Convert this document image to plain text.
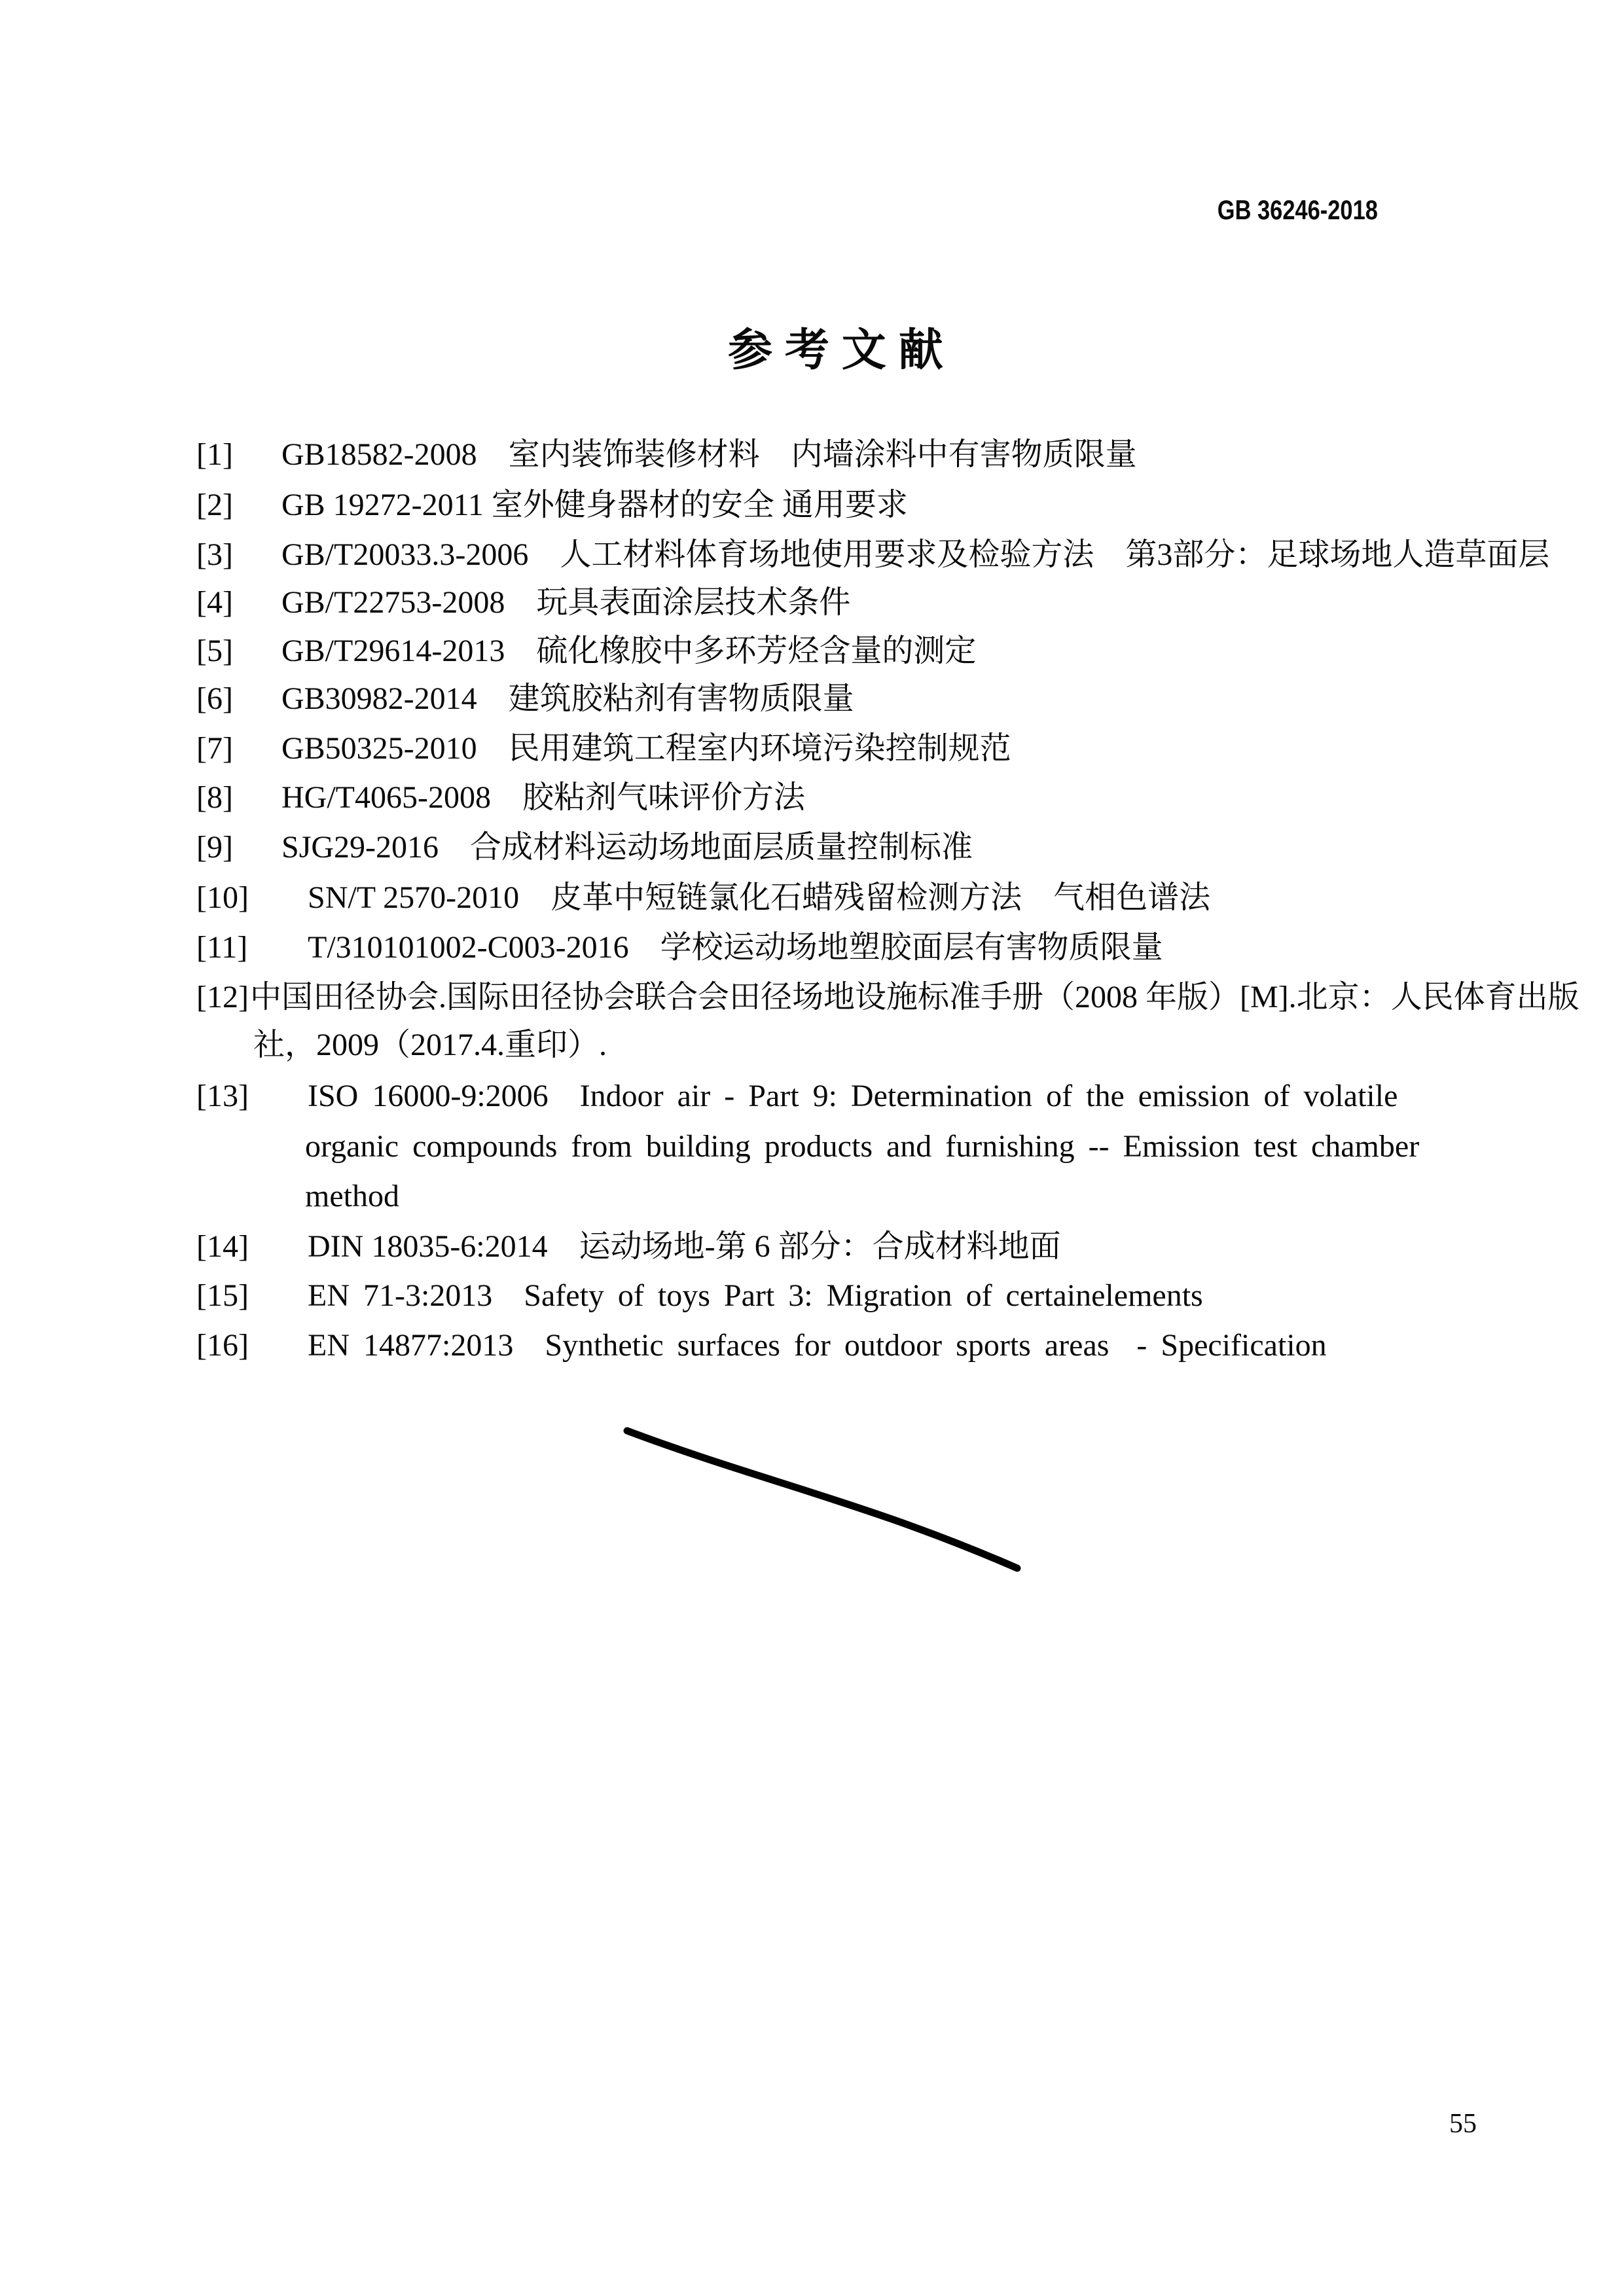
GB 36246-2018
参 考 文 献
[1] GB18582-2008　室内装饰装修材料　内墙涂料中有害物质限量
[2] GB 19272-2011 室外健身器材的安全 通用要求
[3] GB/T20033.3-2006　人工材料体育场地使用要求及检验方法　第3部分：足球场地人造草面层
[4] GB/T22753-2008　玩具表面涂层技术条件
[5] GB/T29614-2013　硫化橡胶中多环芳烃含量的测定
[6] GB30982-2014　建筑胶粘剂有害物质限量
[7] GB50325-2010　民用建筑工程室内环境污染控制规范
[8] HG/T4065-2008　胶粘剂气味评价方法
[9] SJG29-2016　合成材料运动场地面层质量控制标准
[10] SN/T 2570-2010　皮革中短链氯化石蜡残留检测方法　气相色谱法
[11] T/310101002-C003-2016　学校运动场地塑胶面层有害物质限量
[12] 中国田径协会.国际田径协会联合会田径场地设施标准手册（2008 年版）[M].北京：人民体育出版
社，2009（2017.4.重印）.
[13] ISO 16000-9:2006　Indoor air - Part 9: Determination of the emission of volatile
organic compounds from building products and furnishing -- Emission test chamber
method
[14] DIN 18035-6:2014　运动场地-第 6 部分：合成材料地面
[15] EN 71-3:2013　Safety of toys Part 3: Migration of certainelements
[16] EN 14877:2013　Synthetic surfaces for outdoor sports areas  - Specification
55
